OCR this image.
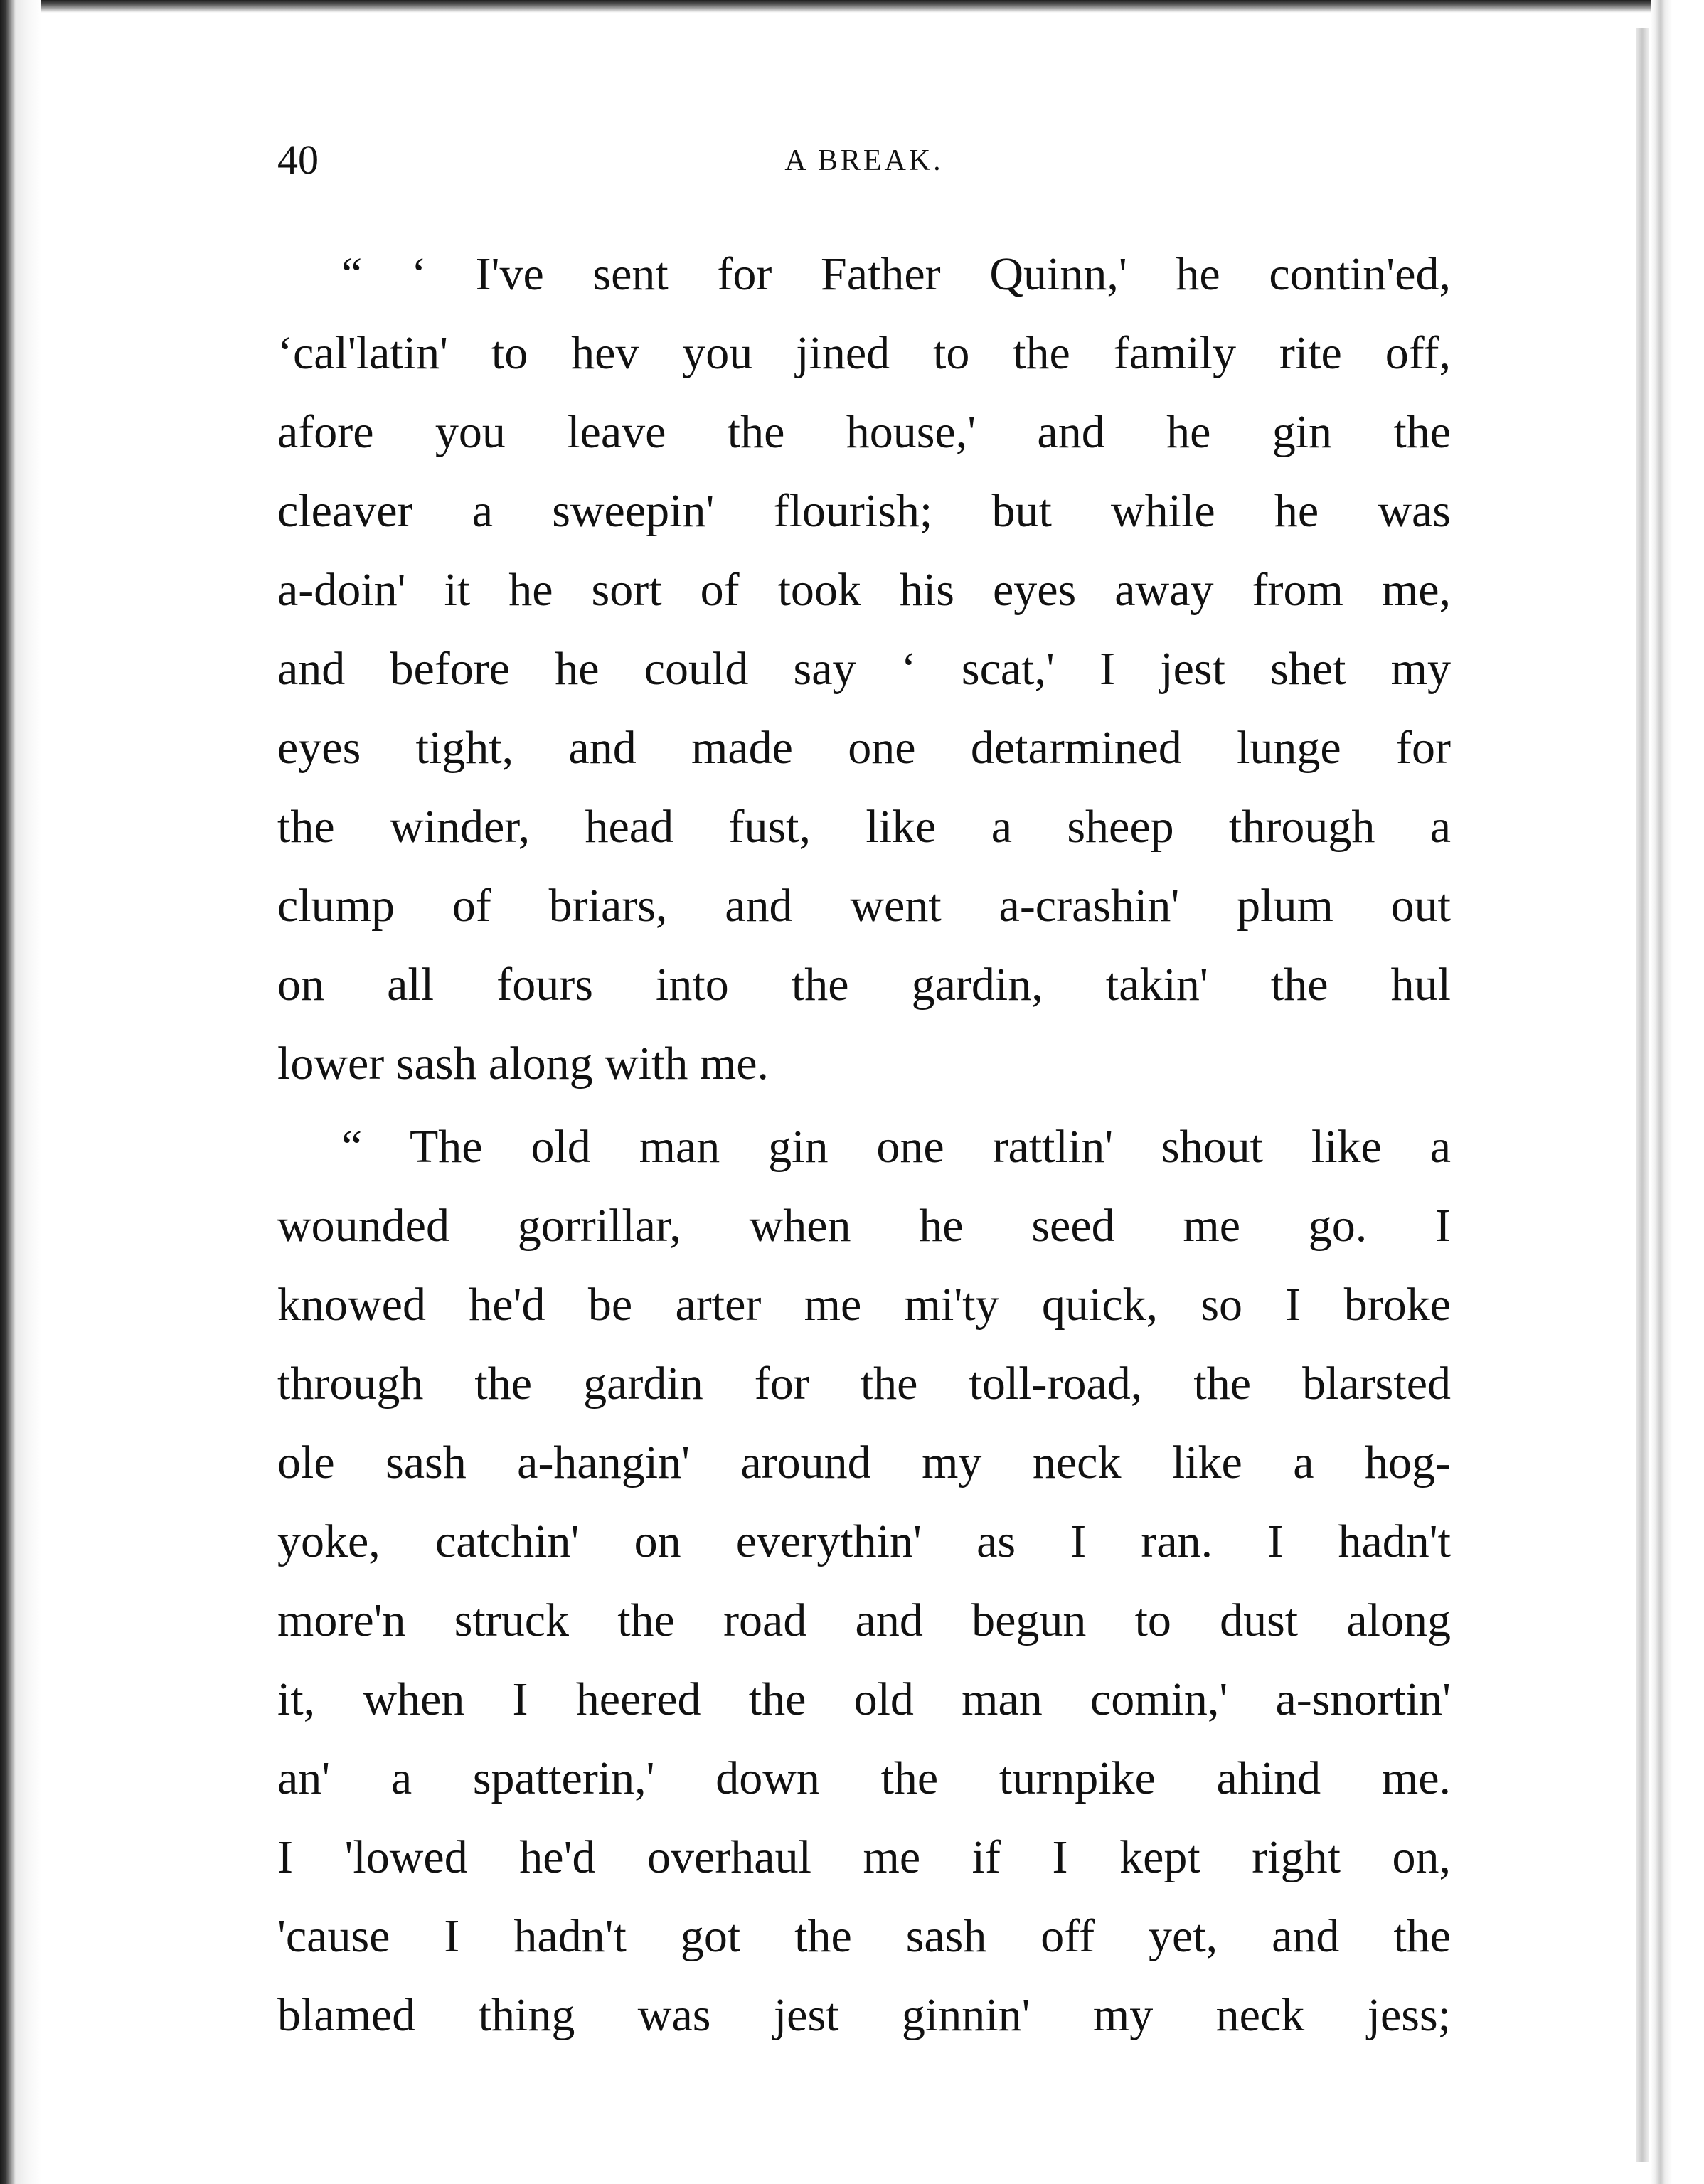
40	A BREAK.
“ ‘ I've sent for Father Quinn,' he contin'ed,
‘cal'latin' to hev you jined to the family rite off,
afore you leave the house,' and he gin the
cleaver a sweepin' flourish; but while he was
a-doin' it he sort of took his eyes away from me,
and before he could say ‘ scat,' I jest shet my
eyes tight, and made one detarmined lunge for
the winder, head fust, like a sheep through a
clump of briars, and went a-crashin' plum out
on all fours into the gardin, takin' the hul
lower sash along with me.
“ The old man gin one rattlin' shout like a
wounded gorrillar, when he seed me go. I
knowed he'd be arter me mi'ty quick, so I broke
through the gardin for the toll-road, the blarsted
ole sash a-hangin' around my neck like a hog-
yoke, catchin' on everythin' as I ran. I hadn't
more'n struck the road and begun to dust along
it, when I heered the old man comin,' a-snortin'
an' a spatterin,' down the turnpike ahind me.
I 'lowed he'd overhaul me if I kept right on,
'cause I hadn't got the sash off yet, and the
blamed thing was jest ginnin' my neck jess;
